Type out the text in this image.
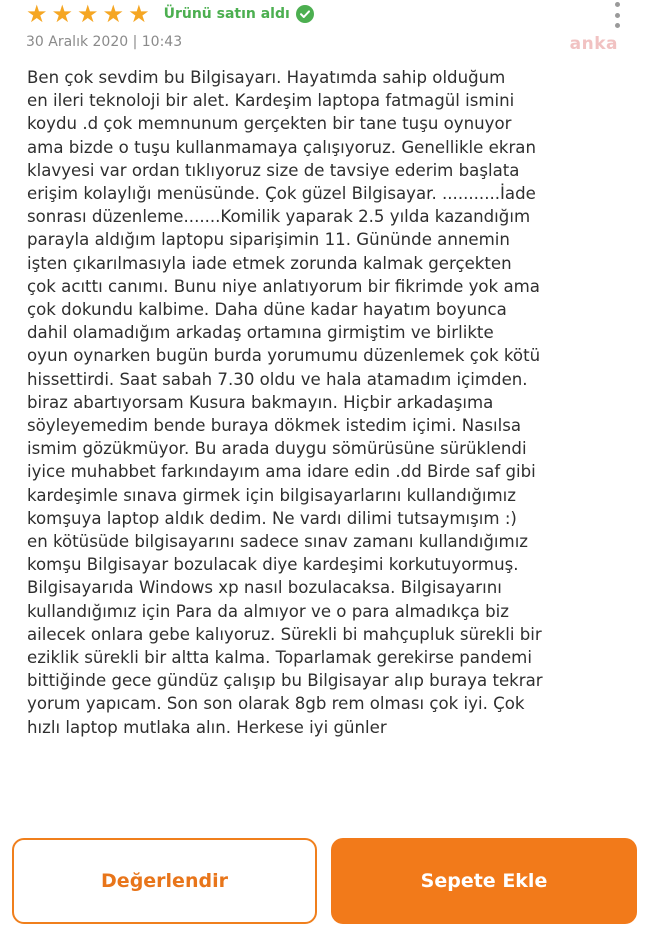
★ ★ ★ ★ ★ Ürünü satın aldı
30 Aralık 2020 | 10:43	anka
Ben çok sevdim bu Bilgisayarı. Hayatımda sahip olduğum
en ileri teknoloji bir alet. Kardeşim laptopa fatmagül ismini
koydu .d çok memnunum gerçekten bir tane tuşu oynuyor
ama bizde o tuşu kullanmamaya çalışıyoruz. Genellikle ekran
klavyesi var ordan tıklıyoruz size de tavsiye ederim başlata
erişim kolaylığı menüsünde. Çok güzel Bilgisayar. ...........İade
sonrası düzenleme.......Komilik yaparak 2.5 yılda kazandığım
parayla aldığım laptopu siparişimin 11. Gününde annemin
işten çıkarılmasıyla iade etmek zorunda kalmak gerçekten
çok acıttı canımı. Bunu niye anlatıyorum bir fikrimde yok ama
çok dokundu kalbime. Daha düne kadar hayatım boyunca
dahil olamadığım arkadaş ortamına girmiştim ve birlikte
oyun oynarken bugün burda yorumumu düzenlemek çok kötü
hissettirdi. Saat sabah 7.30 oldu ve hala atamadım içimden.
biraz abartıyorsam Kusura bakmayın. Hiçbir arkadaşıma
söyleyemedim bende buraya dökmek istedim içimi. Nasılsa
ismim gözükmüyor. Bu arada duygu sömürüsüne sürüklendi
iyice muhabbet farkındayım ama idare edin .dd Birde saf gibi
kardeşimle sınava girmek için bilgisayarlarını kullandığımız
komşuya laptop aldık dedim. Ne vardı dilimi tutsaymışım :)
en kötüsüde bilgisayarını sadece sınav zamanı kullandığımız
komşu Bilgisayar bozulacak diye kardeşimi korkutuyormuş.
Bilgisayarıda Windows xp nasıl bozulacaksa. Bilgisayarını
kullandığımız için Para da almıyor ve o para almadıkça biz
ailecek onlara gebe kalıyoruz. Sürekli bi mahçupluk sürekli bir
eziklik sürekli bir altta kalma. Toparlamak gerekirse pandemi
bittiğinde gece gündüz çalışıp bu Bilgisayar alıp buraya tekrar
yorum yapıcam. Son son olarak 8gb rem olması çok iyi. Çok
hızlı laptop mutlaka alın. Herkese iyi günler
Değerlendir	Sepete Ekle
